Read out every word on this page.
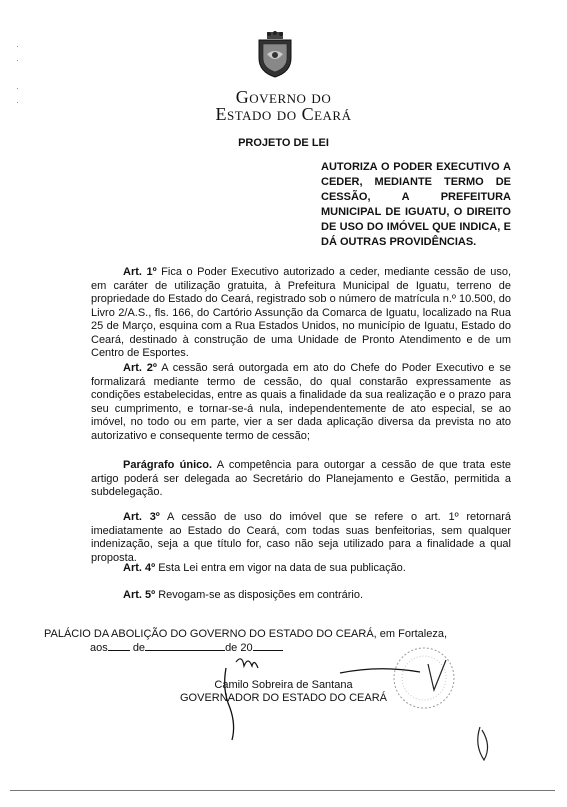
·
·

·
·	Governo do
Estado do Ceará
PROJETO DE LEI
AUTORIZA O PODER EXECUTIVO A CEDER, MEDIANTE TERMO DE CESSÃO, A PREFEITURA MUNICIPAL DE IGUATU, O DIREITO DE USO DO IMÓVEL QUE INDICA, E DÁ OUTRAS PROVIDÊNCIAS.
Art. 1º Fica o Poder Executivo autorizado a ceder, mediante cessão de uso, em caráter de utilização gratuita, à Prefeitura Municipal de Iguatu, terreno de propriedade do Estado do Ceará, registrado sob o número de matrícula n.º 10.500, do Livro 2/A.S., fls. 166, do Cartório Assunção da Comarca de Iguatu, localizado na Rua 25 de Março, esquina com a Rua Estados Unidos, no município de Iguatu, Estado do Ceará, destinado à construção de uma Unidade de Pronto Atendimento e de um Centro de Esportes.
Art. 2º A cessão será outorgada em ato do Chefe do Poder Executivo e se formalizará mediante termo de cessão, do qual constarão expressamente as condições estabelecidas, entre as quais a finalidade da sua realização e o prazo para seu cumprimento, e tornar-se-á nula, independentemente de ato especial, se ao imóvel, no todo ou em parte, vier a ser dada aplicação diversa da prevista no ato autorizativo e consequente termo de cessão;
Parágrafo único. A competência para outorgar a cessão de que trata este artigo poderá ser delegada ao Secretário do Planejamento e Gestão, permitida a subdelegação.
Art. 3º A cessão de uso do imóvel que se refere o art. 1º retornará imediatamente ao Estado do Ceará, com todas suas benfeitorias, sem qualquer indenização, seja a que título for, caso não seja utilizado para a finalidade a qual proposta.
Art. 4º Esta Lei entra em vigor na data de sua publicação.
Art. 5º Revogam-se as disposições em contrário.
PALÁCIO DA ABOLIÇÃO DO GOVERNO DO ESTADO DO CEARÁ, em Fortaleza,
aos de	de 20
Camilo Sobreira de Santana
GOVERNADOR DO ESTADO DO CEARÁ
